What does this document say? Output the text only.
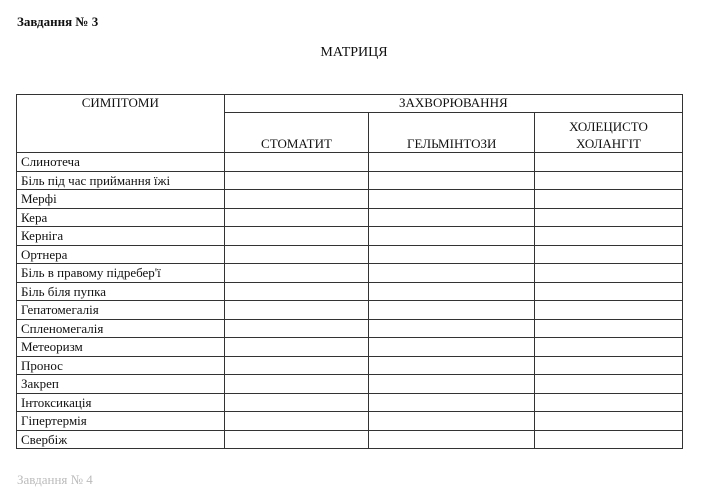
Завдання № 3
МАТРИЦЯ
СИМПТОМИ	ЗАХВОРЮВАННЯ		

	СТОМАТИТ	ГЕЛЬМІНТОЗИ	ХОЛЕЦИСТО
ХОЛАНГІТ

Слинотеча			
Біль під час приймання їжі			
Мерфі			
Кера			
Керніга			
Ортнера			
Біль в правому підребер'ї			
Біль біля пупка			
Гепатомегалія			
Спленомегалія			
Метеоризм			
Пронос			
Закреп			
Інтоксикація			
Гіпертермія			
Свербіж			
Завдання № 4
